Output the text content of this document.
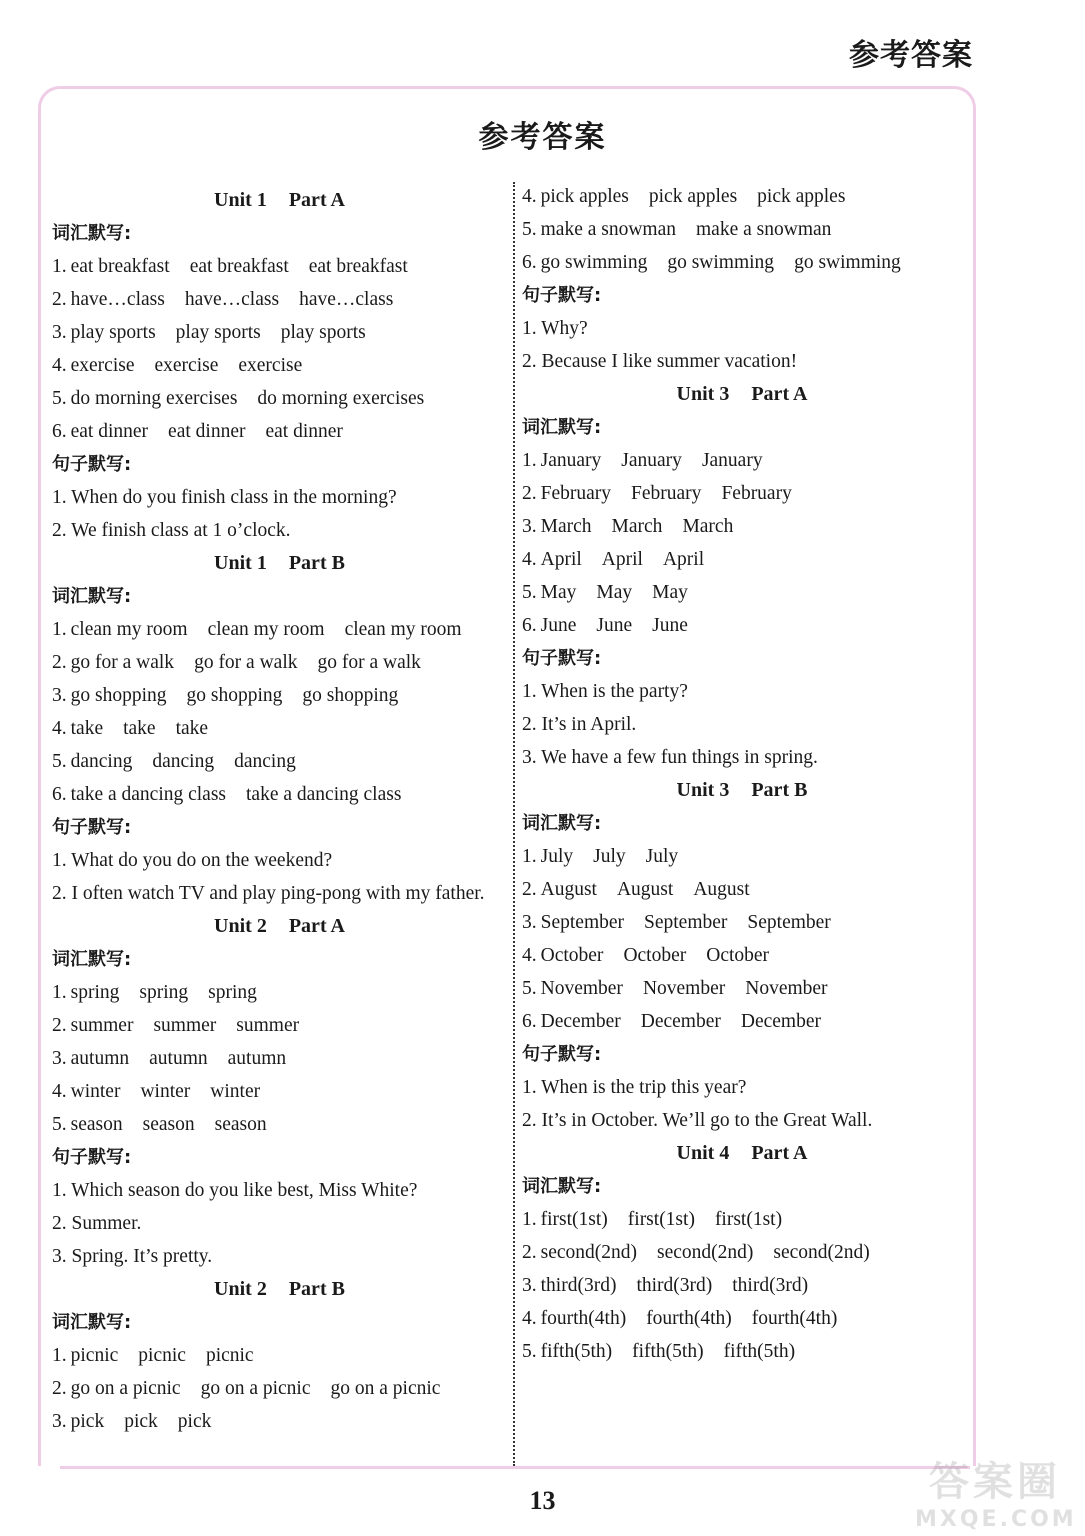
参考答案
参考答案
Unit 1 Part A
词汇默写:
1. eat breakfast eat breakfast eat breakfast
2. have…class have…class have…class
3. play sports play sports play sports
4. exercise exercise exercise
5. do morning exercises do morning exercises
6. eat dinner eat dinner eat dinner
句子默写:
1. When do you finish class in the morning?
2. We finish class at 1 o’clock.
Unit 1 Part B
词汇默写:
1. clean my room clean my room clean my room
2. go for a walk go for a walk go for a walk
3. go shopping go shopping go shopping
4. take take take
5. dancing dancing dancing
6. take a dancing class take a dancing class
句子默写:
1. What do you do on the weekend?
2. I often watch TV and play ping-pong with my father.
Unit 2 Part A
词汇默写:
1. spring spring spring
2. summer summer summer
3. autumn autumn autumn
4. winter winter winter
5. season season season
句子默写:
1. Which season do you like best, Miss White?
2. Summer.
3. Spring. It’s pretty.
Unit 2 Part B
词汇默写:
1. picnic picnic picnic
2. go on a picnic go on a picnic go on a picnic
3. pick pick pick
4. pick apples pick apples pick apples
5. make a snowman make a snowman
6. go swimming go swimming go swimming
句子默写:
1. Why?
2. Because I like summer vacation!
Unit 3 Part A
词汇默写:
1. January January January
2. February February February
3. March March March
4. April April April
5. May May May
6. June June June
句子默写:
1. When is the party?
2. It’s in April.
3. We have a few fun things in spring.
Unit 3 Part B
词汇默写:
1. July July July
2. August August August
3. September September September
4. October October October
5. November November November
6. December December December
句子默写:
1. When is the trip this year?
2. It’s in October. We’ll go to the Great Wall.
Unit 4 Part A
词汇默写:
1. first(1st) first(1st) first(1st)
2. second(2nd) second(2nd) second(2nd)
3. third(3rd) third(3rd) third(3rd)
4. fourth(4th) fourth(4th) fourth(4th)
5. fifth(5th) fifth(5th) fifth(5th)
13	答案圈
MXQE.COM
